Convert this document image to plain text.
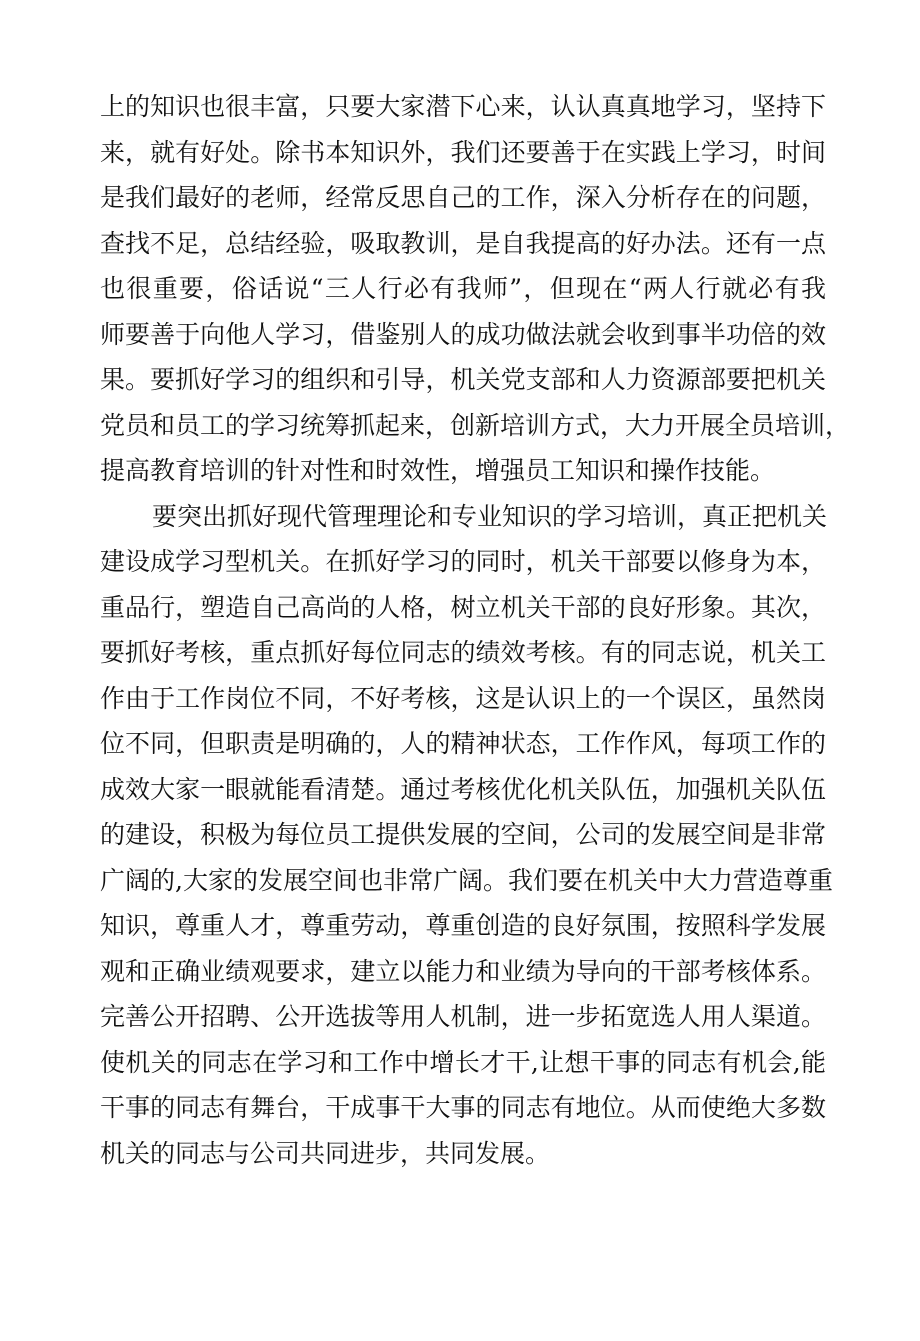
上的知识也很丰富，只要大家潜下心来，认认真真地学习，坚持下
来，就有好处。除书本知识外，我们还要善于在实践上学习，时间
是我们最好的老师，经常反思自己的工作，深入分析存在的问题，
查找不足，总结经验，吸取教训，是自我提高的好办法。还有一点
也很重要，俗话说“三人行必有我师”，但现在“两人行就必有我
师要善于向他人学习，借鉴别人的成功做法就会收到事半功倍的效
果。要抓好学习的组织和引导，机关党支部和人力资源部要把机关
党员和员工的学习统筹抓起来，创新培训方式，大力开展全员培训，
提高教育培训的针对性和时效性，增强员工知识和操作技能。
要突出抓好现代管理理论和专业知识的学习培训，真正把机关
建设成学习型机关。在抓好学习的同时，机关干部要以修身为本，
重品行，塑造自己高尚的人格，树立机关干部的良好形象。其次，
要抓好考核，重点抓好每位同志的绩效考核。有的同志说，机关工
作由于工作岗位不同，不好考核，这是认识上的一个误区，虽然岗
位不同，但职责是明确的，人的精神状态，工作作风，每项工作的
成效大家一眼就能看清楚。通过考核优化机关队伍，加强机关队伍
的建设，积极为每位员工提供发展的空间，公司的发展空间是非常
广阔的,大家的发展空间也非常广阔。我们要在机关中大力营造尊重
知识，尊重人才，尊重劳动，尊重创造的良好氛围，按照科学发展
观和正确业绩观要求，建立以能力和业绩为导向的干部考核体系。
完善公开招聘、公开选拔等用人机制，进一步拓宽选人用人渠道。
使机关的同志在学习和工作中增长才干,让想干事的同志有机会,能
干事的同志有舞台，干成事干大事的同志有地位。从而使绝大多数
机关的同志与公司共同进步，共同发展。
